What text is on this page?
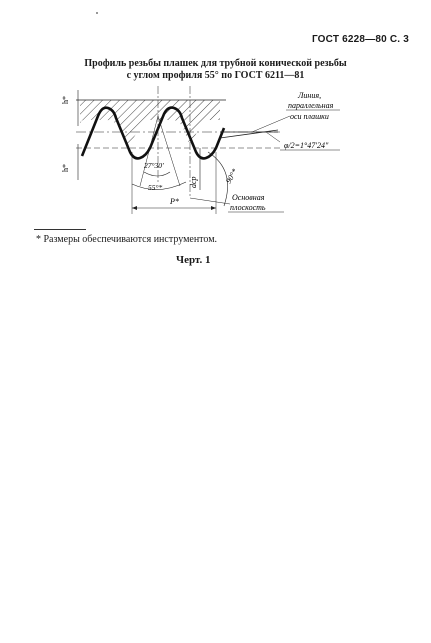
ГОСТ 6228—80 С. 3
Профиль резьбы плашек для трубной конической резьбы
с углом профиля 55° по ГОСТ 6211—81
h*
h*	27°30'
55°*
P*
dср	90°*
Линия,
параллельная
оси плашки
φ/2=1°47'24"
Основная
плоскость
* Размеры обеспечиваются инструментом.
Черт. 1
